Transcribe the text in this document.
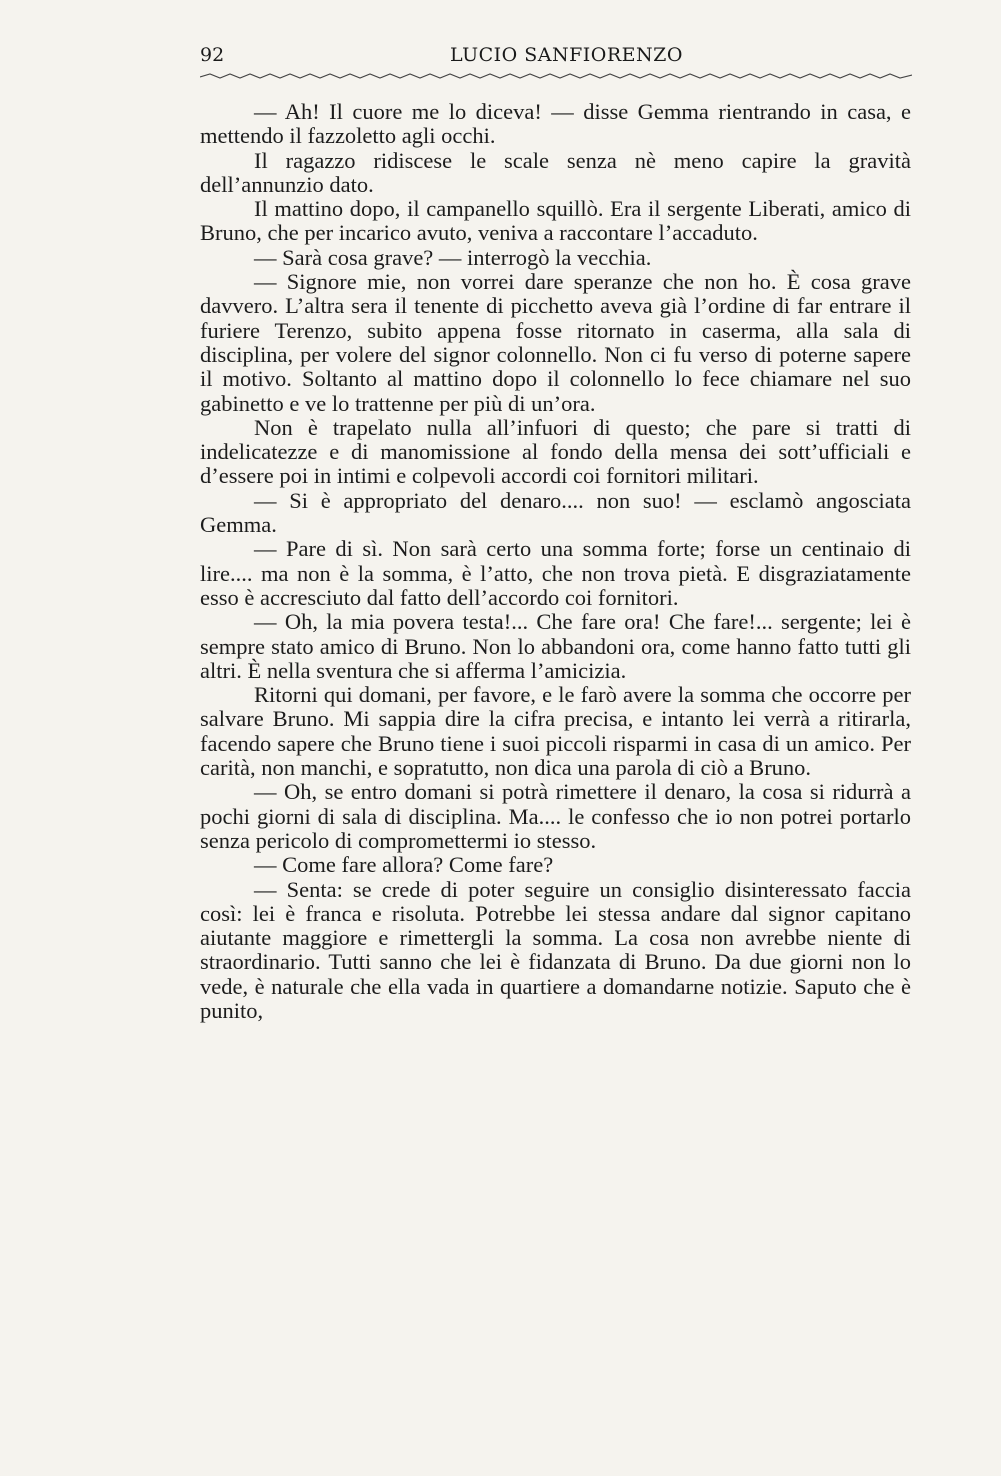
92	LUCIO SANFIORENZO

— Ah! Il cuore me lo diceva! — disse Gemma rientrando in casa, e mettendo il fazzoletto agli occhi.

Il ragazzo ridiscese le scale senza nè meno capire la gravità dell’annunzio dato.

Il mattino dopo, il campanello squillò. Era il sergente Liberati, amico di Bruno, che per incarico avuto, veniva a raccontare l’accaduto.

— Sarà cosa grave? — interrogò la vecchia.

— Signore mie, non vorrei dare speranze che non ho. È cosa grave davvero. L’altra sera il tenente di picchetto aveva già l’ordine di far entrare il furiere Terenzo, subito appena fosse ritornato in caserma, alla sala di disciplina, per volere del signor colonnello. Non ci fu verso di poterne sapere il motivo. Soltanto al mattino dopo il colonnello lo fece chiamare nel suo gabinetto e ve lo trattenne per più di un’ora.

Non è trapelato nulla all’infuori di questo; che pare si tratti di indelicatezze e di manomissione al fondo della mensa dei sott’ufficiali e d’essere poi in intimi e colpevoli accordi coi fornitori militari.

— Si è appropriato del denaro.... non suo! — esclamò angosciata Gemma.

— Pare di sì. Non sarà certo una somma forte; forse un centinaio di lire.... ma non è la somma, è l’atto, che non trova pietà. E disgraziatamente esso è accresciuto dal fatto dell’accordo coi fornitori.

— Oh, la mia povera testa!... Che fare ora! Che fare!... sergente; lei è sempre stato amico di Bruno. Non lo abbandoni ora, come hanno fatto tutti gli altri. È nella sventura che si afferma l’amicizia.

Ritorni qui domani, per favore, e le farò avere la somma che occorre per salvare Bruno. Mi sappia dire la cifra precisa, e intanto lei verrà a ritirarla, facendo sapere che Bruno tiene i suoi piccoli risparmi in casa di un amico. Per carità, non manchi, e sopratutto, non dica una parola di ciò a Bruno.

— Oh, se entro domani si potrà rimettere il denaro, la cosa si ridurrà a pochi giorni di sala di disciplina. Ma.... le confesso che io non potrei portarlo senza pericolo di compromettermi io stesso.

— Come fare allora? Come fare?

— Senta: se crede di poter seguire un consiglio disinteressato faccia così: lei è franca e risoluta. Potrebbe lei stessa andare dal signor capitano aiutante maggiore e rimettergli la somma. La cosa non avrebbe niente di straordinario. Tutti sanno che lei è fidanzata di Bruno. Da due giorni non lo vede, è naturale che ella vada in quartiere a domandarne notizie. Saputo che è punito,
